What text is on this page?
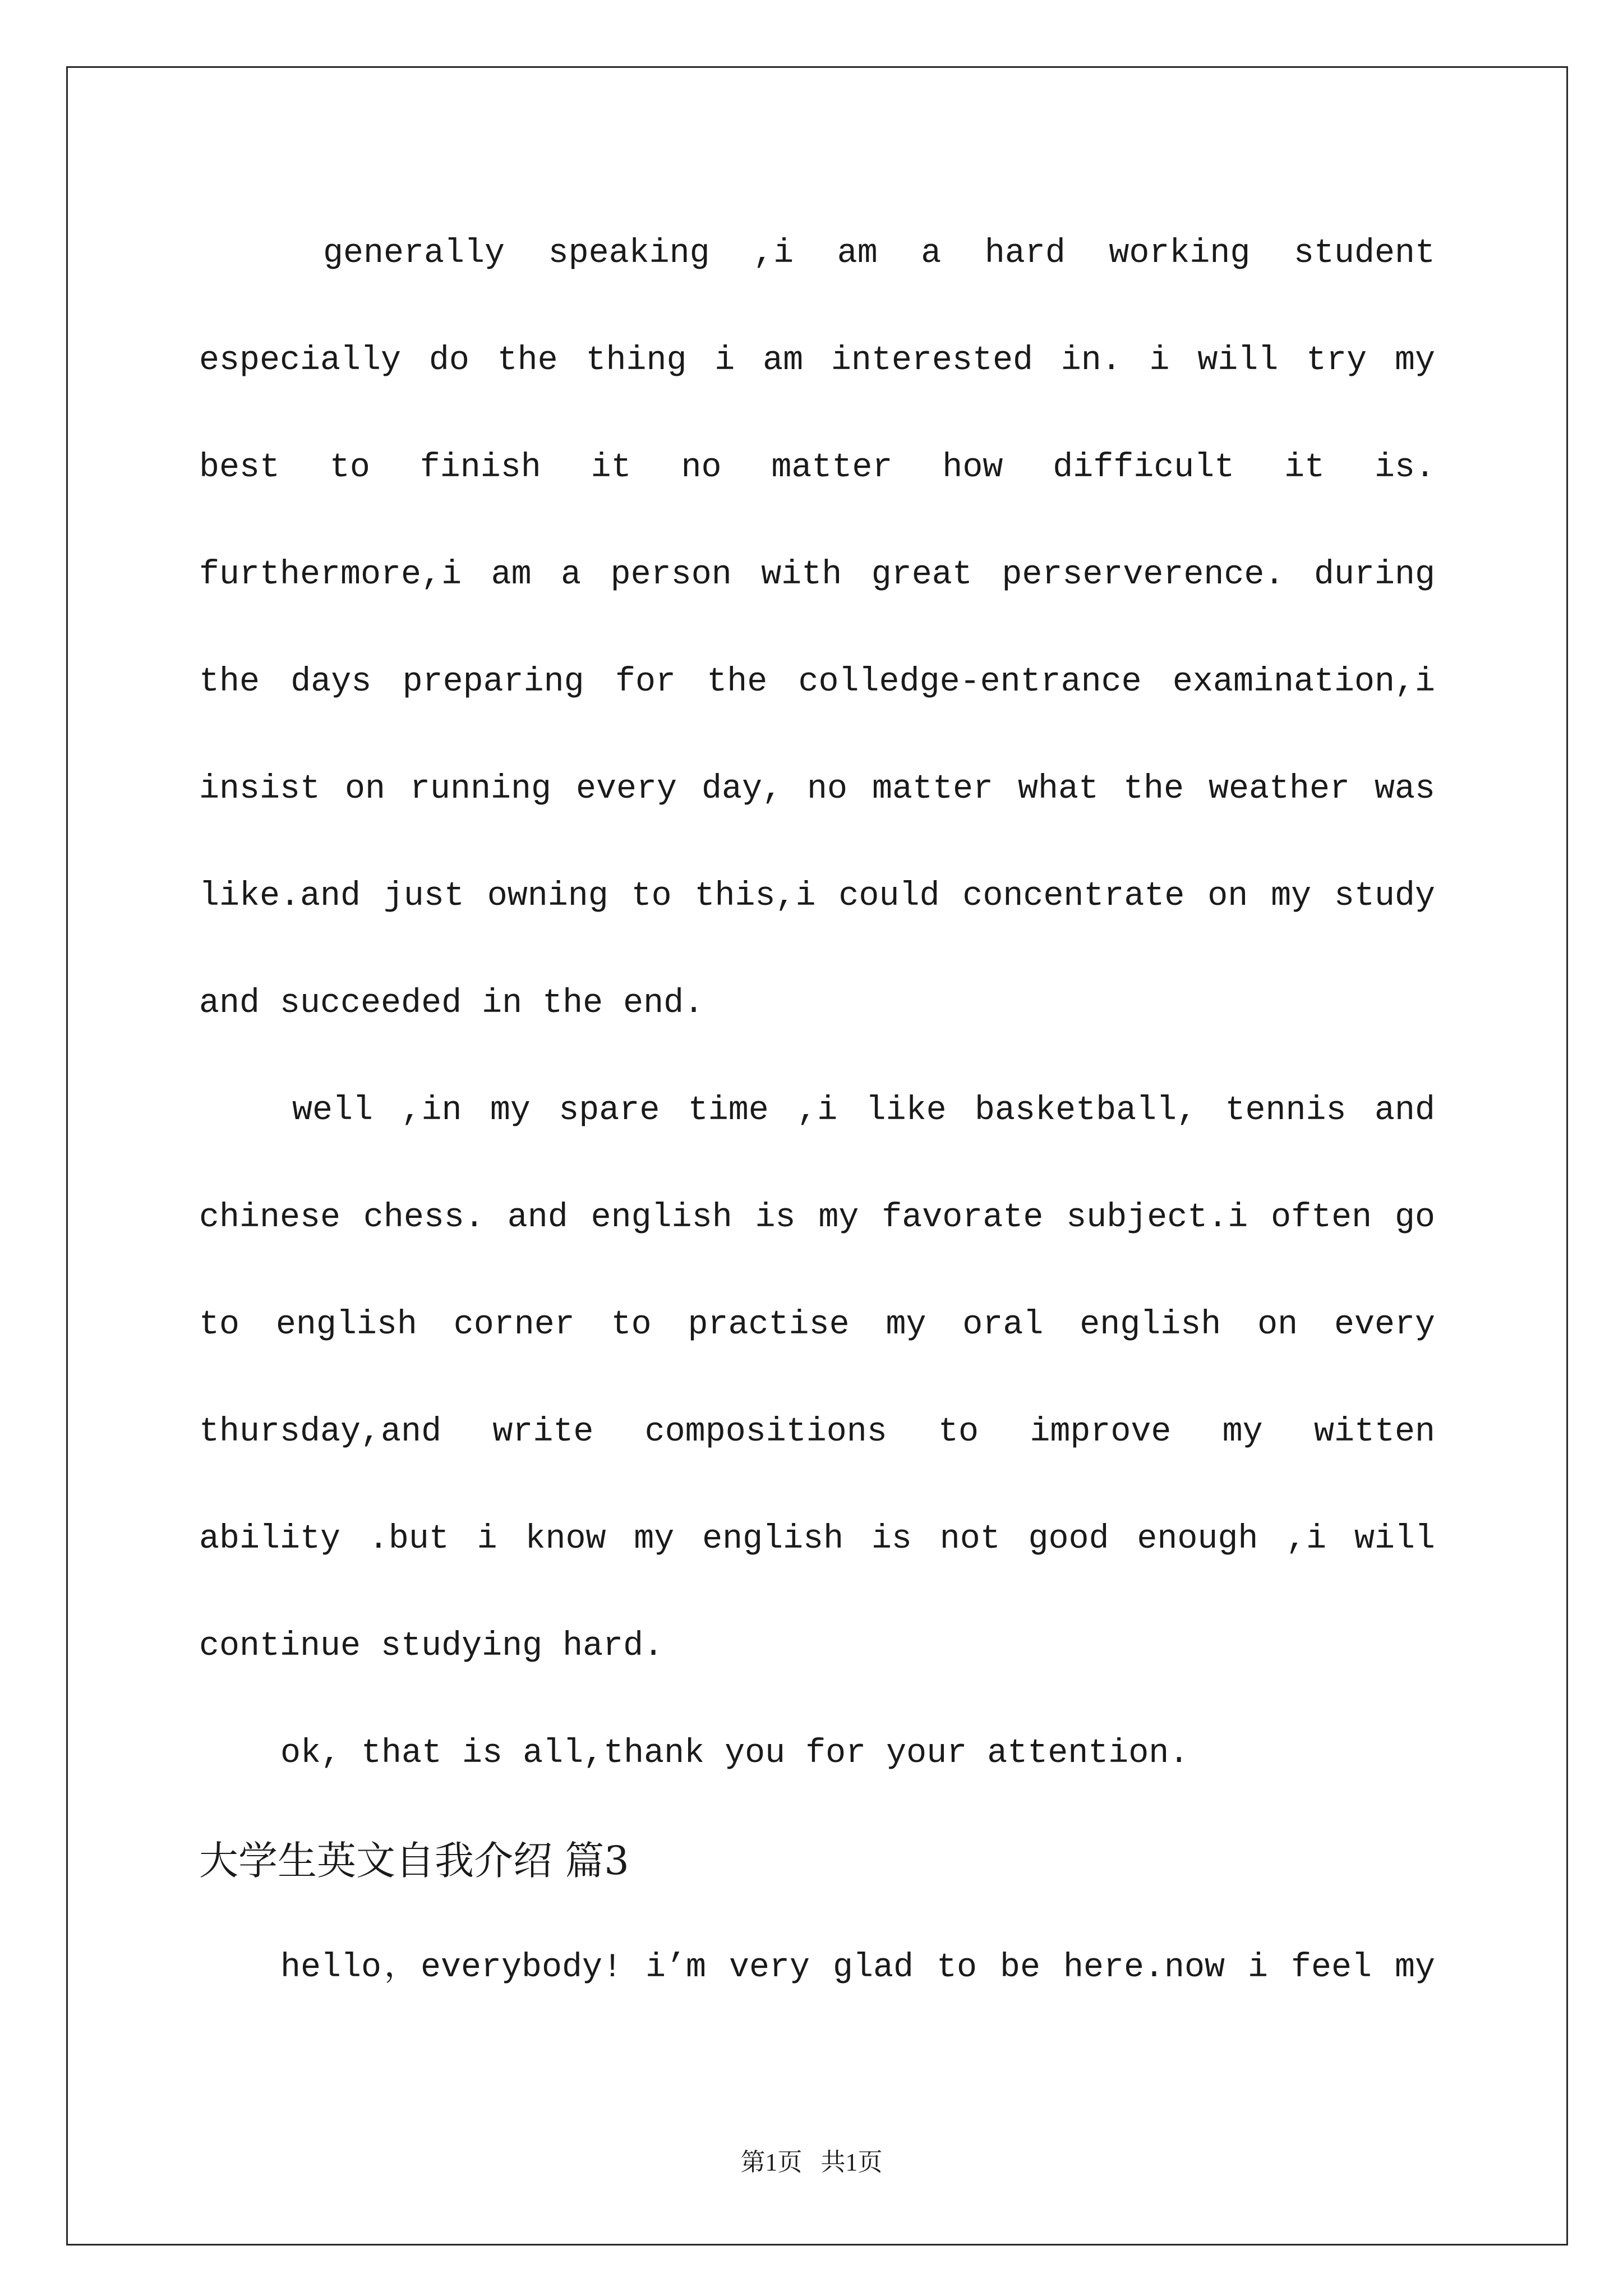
generally speaking ,i am a hard working student
especially do the thing i am interested in. i will try my
best to finish it no matter how difficult it is.
furthermore,i am a person with great perserverence. during
the days preparing for the colledge-entrance examination,i
insist on running every day, no matter what the weather was
like.and just owning to this,i could concentrate on my study
and succeeded in the end.
well ,in my spare time ,i like basketball, tennis and
chinese chess. and english is my favorate subject.i often go
to english corner to practise my oral english on every
thursday,and write compositions to improve my witten
ability .but i know my english is not good enough ,i will
continue studying hard.
ok, that is all,thank you for your attention.
大学生英文自我介绍 篇3
hello，everybody! i’m very glad to be here.now i feel my
第1页 共1页
